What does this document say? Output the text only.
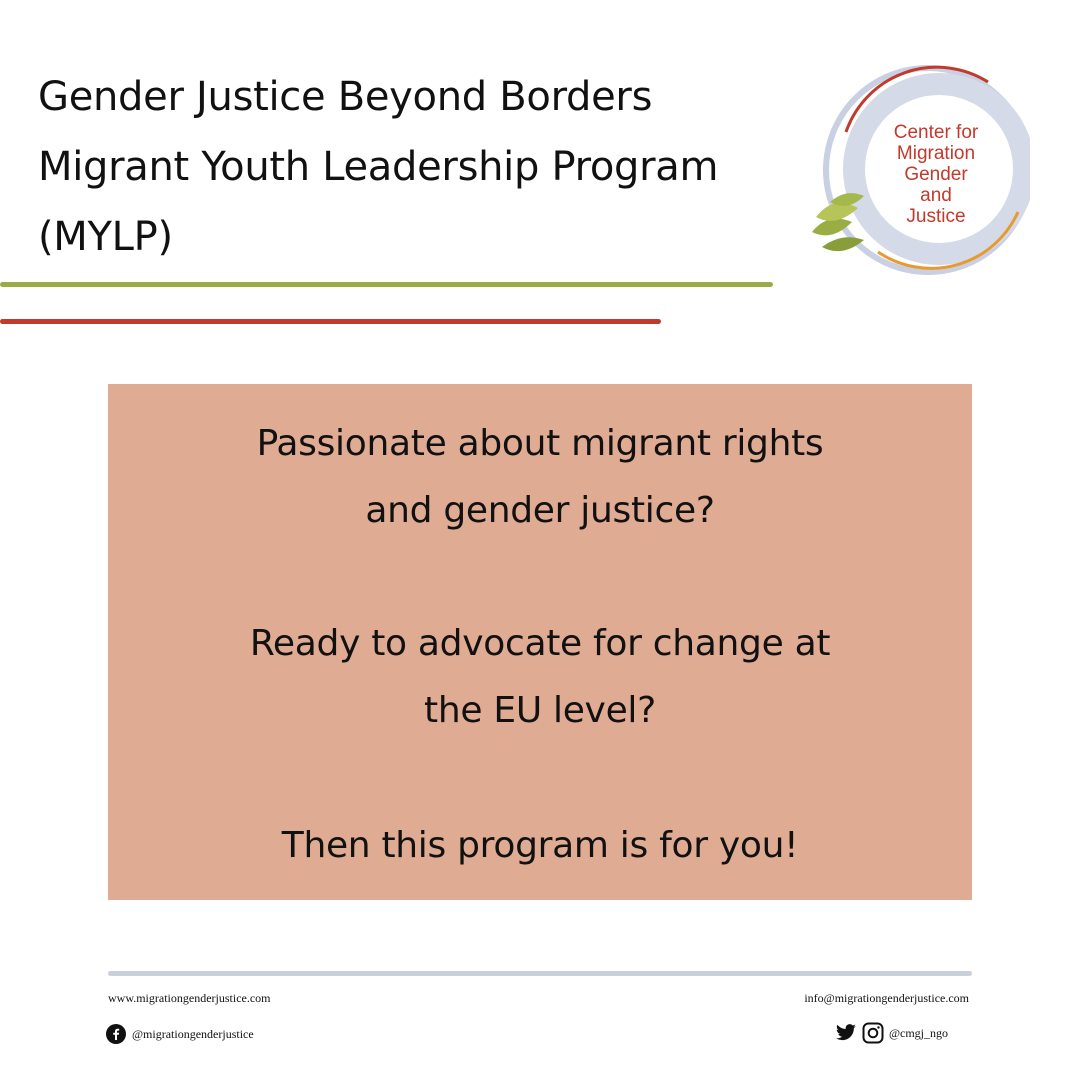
Gender Justice Beyond Borders
Migrant Youth Leadership Program
(MYLP)
Center for
Migration
Gender
and
Justice

Passionate about migrant rights

and gender justice?

Ready to advocate for change at

the EU level?

Then this program is for you!

www.migrationgenderjustice.com	info@migrationgenderjustice.com
@migrationgenderjustice	@cmgj_ngo
